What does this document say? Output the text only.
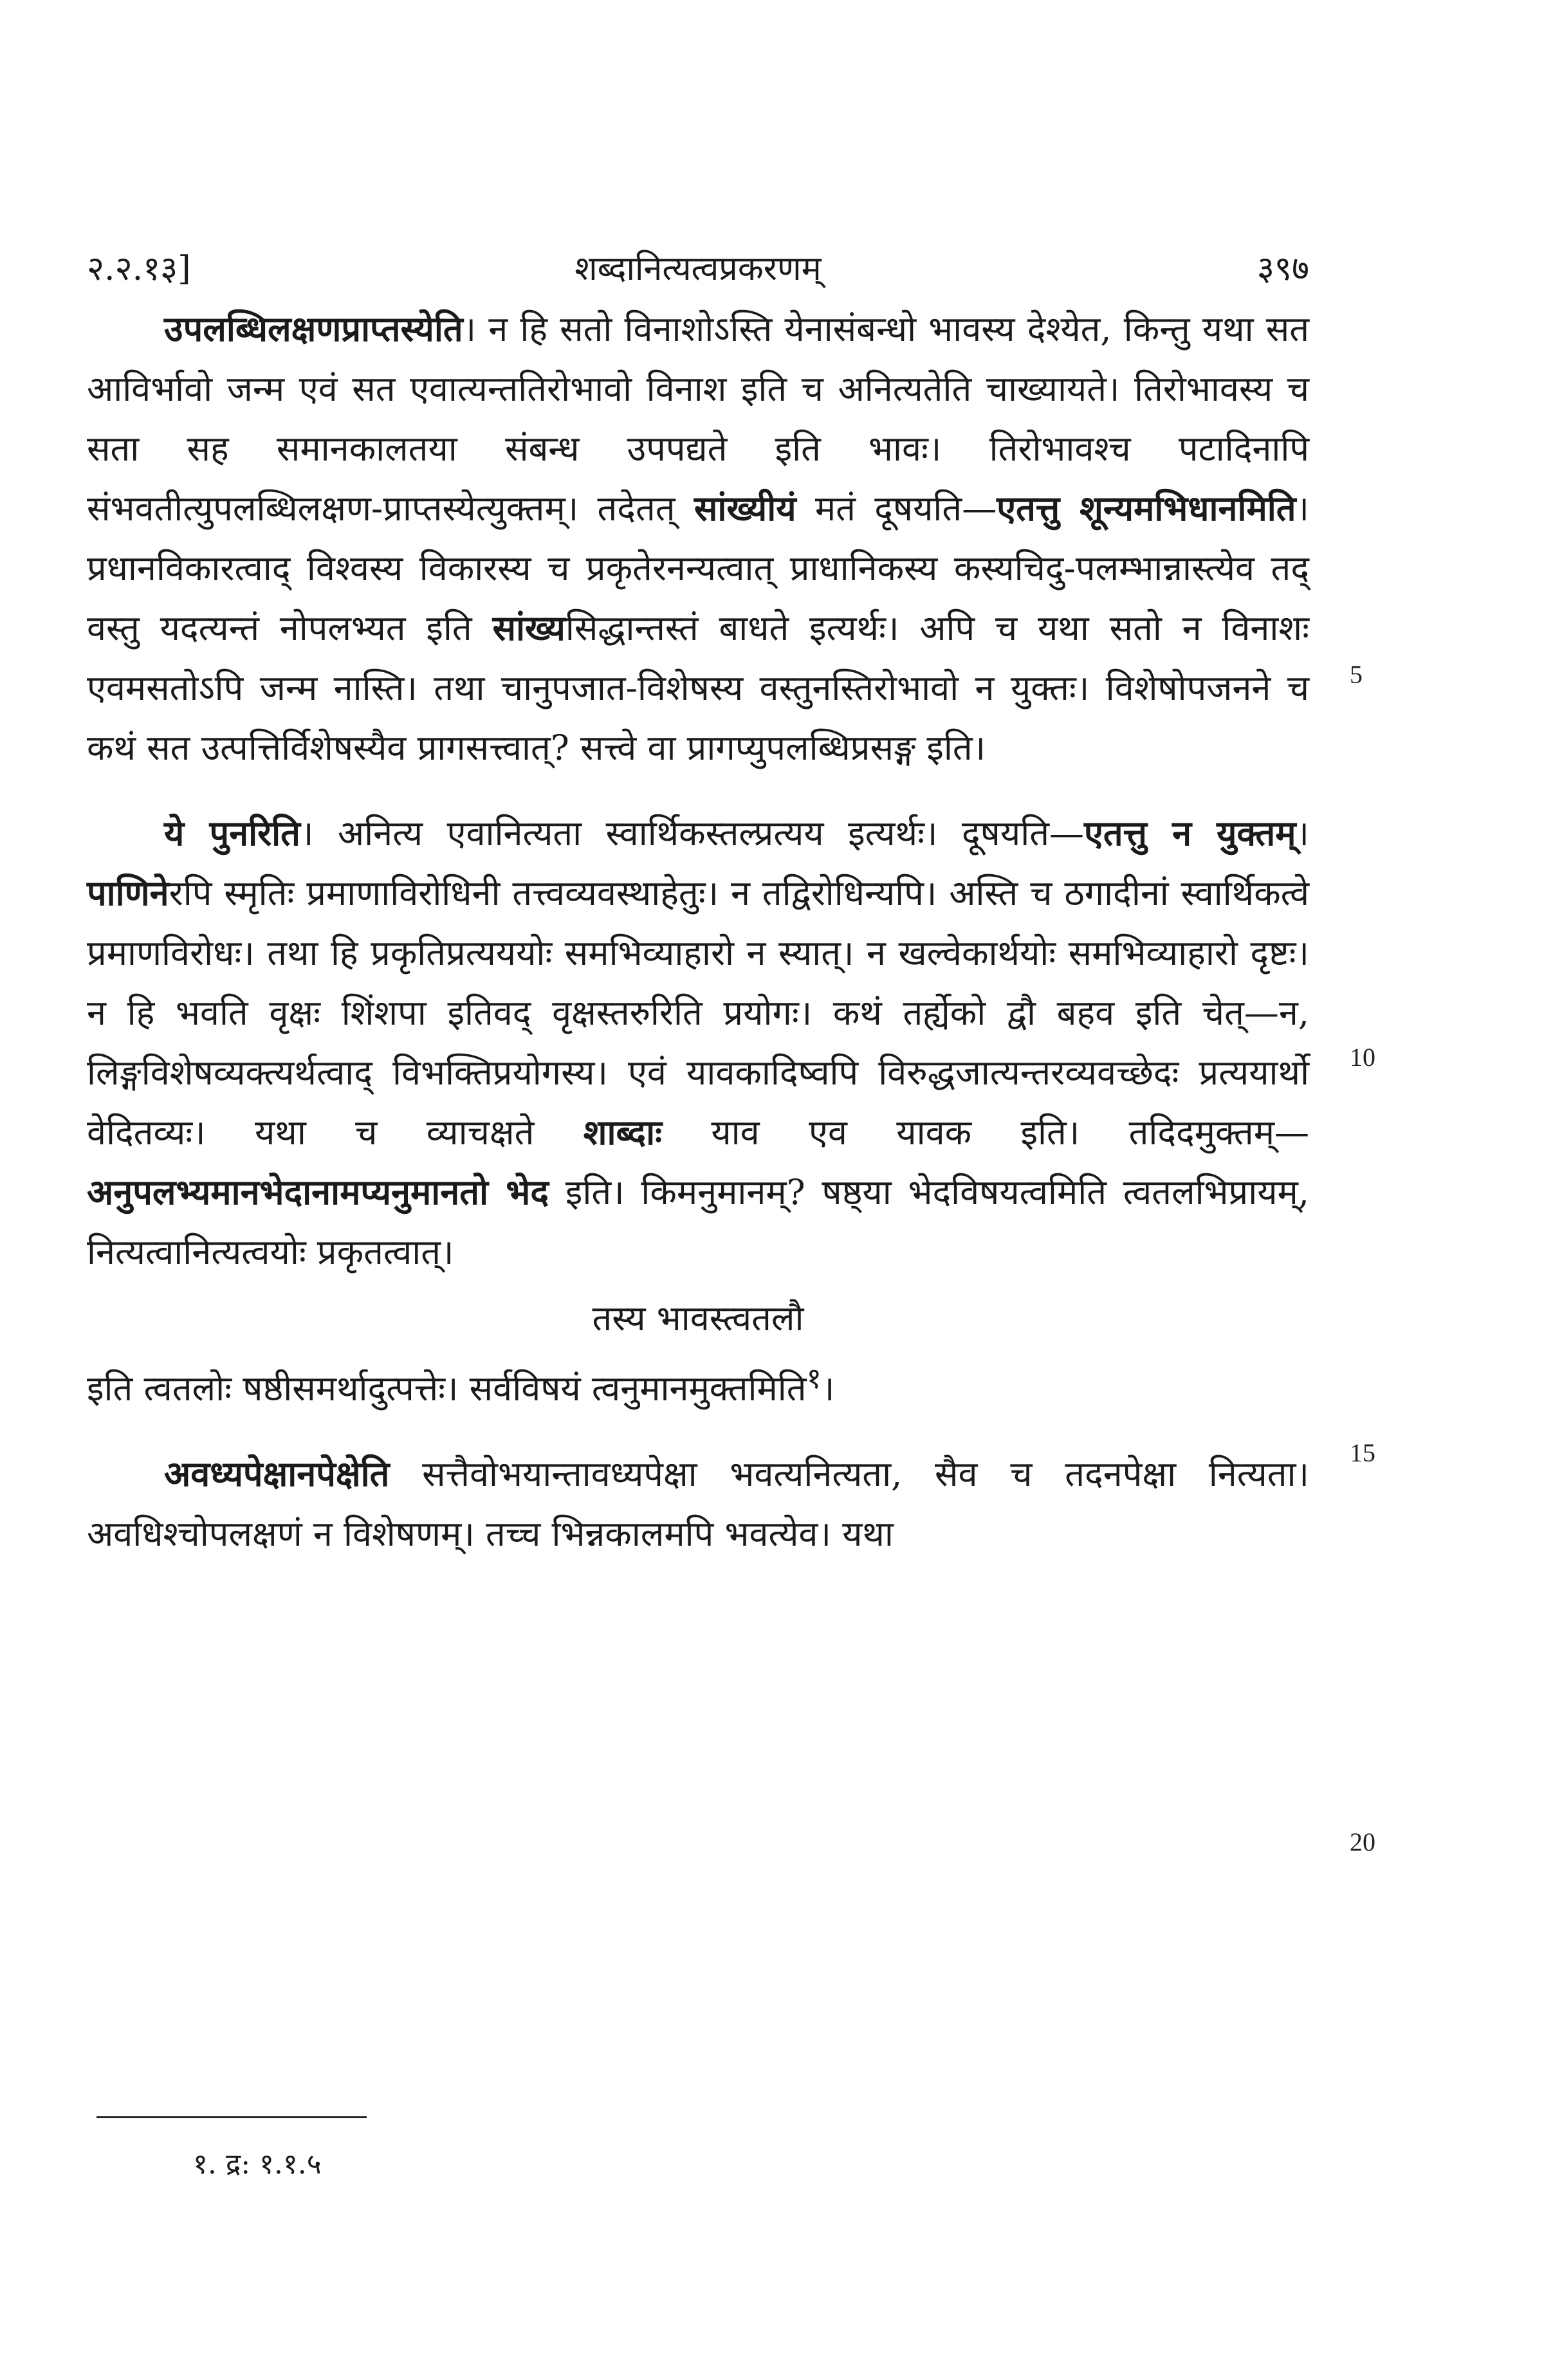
२.२.१३]	शब्दानित्यत्वप्रकरणम्	३९७

उपलब्धिलक्षणप्राप्तस्येति। न हि सतो विनाशोऽस्ति येनासंबन्धो भावस्य देश्येत, किन्तु यथा सत आविर्भावो जन्म एवं सत एवात्यन्ततिरोभावो विनाश इति च अनित्यतेति चाख्यायते। तिरोभावस्य च सता सह समानकालतया संबन्ध उपपद्यते इति भावः। तिरोभावश्च पटादिनापि संभवतीत्युपलब्धिलक्षण-प्राप्तस्येत्युक्तम्। तदेतत् सांख्यीयं मतं दूषयति—एतत्तु शून्यमभिधानमिति। प्रधानविकारत्वाद् विश्वस्य विकारस्य च प्रकृतेरनन्यत्वात् प्राधानिकस्य कस्यचिदु-पलम्भान्नास्त्येव तद् वस्तु यदत्यन्तं नोपलभ्यत इति सांख्यसिद्धान्तस्तं बाधते इत्यर्थः। अपि च यथा सतो न विनाशः एवमसतोऽपि जन्म नास्ति। तथा चानुपजात-विशेषस्य वस्तुनस्तिरोभावो न युक्तः। विशेषोपजनने च कथं सत उत्पत्तिर्विशेषस्यैव प्रागसत्त्वात्? सत्त्वे वा प्रागप्युपलब्धिप्रसङ्ग इति।

ये पुनरिति। अनित्य एवानित्यता स्वार्थिकस्तल्प्रत्यय इत्यर्थः। दूषयति—एतत्तु न युक्तम्। पाणिनेरपि स्मृतिः प्रमाणाविरोधिनी तत्त्वव्यवस्थाहेतुः। न तद्विरोधिन्यपि। अस्ति च ठगादीनां स्वार्थिकत्वे प्रमाणविरोधः। तथा हि प्रकृतिप्रत्यययोः समभिव्याहारो न स्यात्। न खल्वेकार्थयोः समभिव्याहारो दृष्टः। न हि भवति वृक्षः शिंशपा इतिवद् वृक्षस्तरुरिति प्रयोगः। कथं तर्ह्येको द्वौ बहव इति चेत्—न, लिङ्गविशेषव्यक्त्यर्थत्वाद् विभक्तिप्रयोगस्य। एवं यावकादिष्वपि विरुद्धजात्यन्तरव्यवच्छेदः प्रत्ययार्थो वेदितव्यः। यथा च व्याचक्षते शाब्दाः याव एव यावक इति। तदिदमुक्तम्—अनुपलभ्यमानभेदानामप्यनुमानतो भेद इति। किमनुमानम्? षष्ठ्या भेदविषयत्वमिति त्वतलभिप्रायम्, नित्यत्वानित्यत्वयोः प्रकृतत्वात्।

तस्य भावस्त्वतलौ

इति त्वतलोः षष्ठीसमर्थादुत्पत्तेः। सर्वविषयं त्वनुमानमुक्तमिति$^१$।

अवध्यपेक्षानपेक्षेति सत्तैवोभयान्तावध्यपेक्षा भवत्यनित्यता, सैव च तदनपेक्षा नित्यता। अवधिश्चोपलक्षणं न विशेषणम्। तच्च भिन्नकालमपि भवत्येव। यथा

5
10
15
20
१. द्र: १.१.५
